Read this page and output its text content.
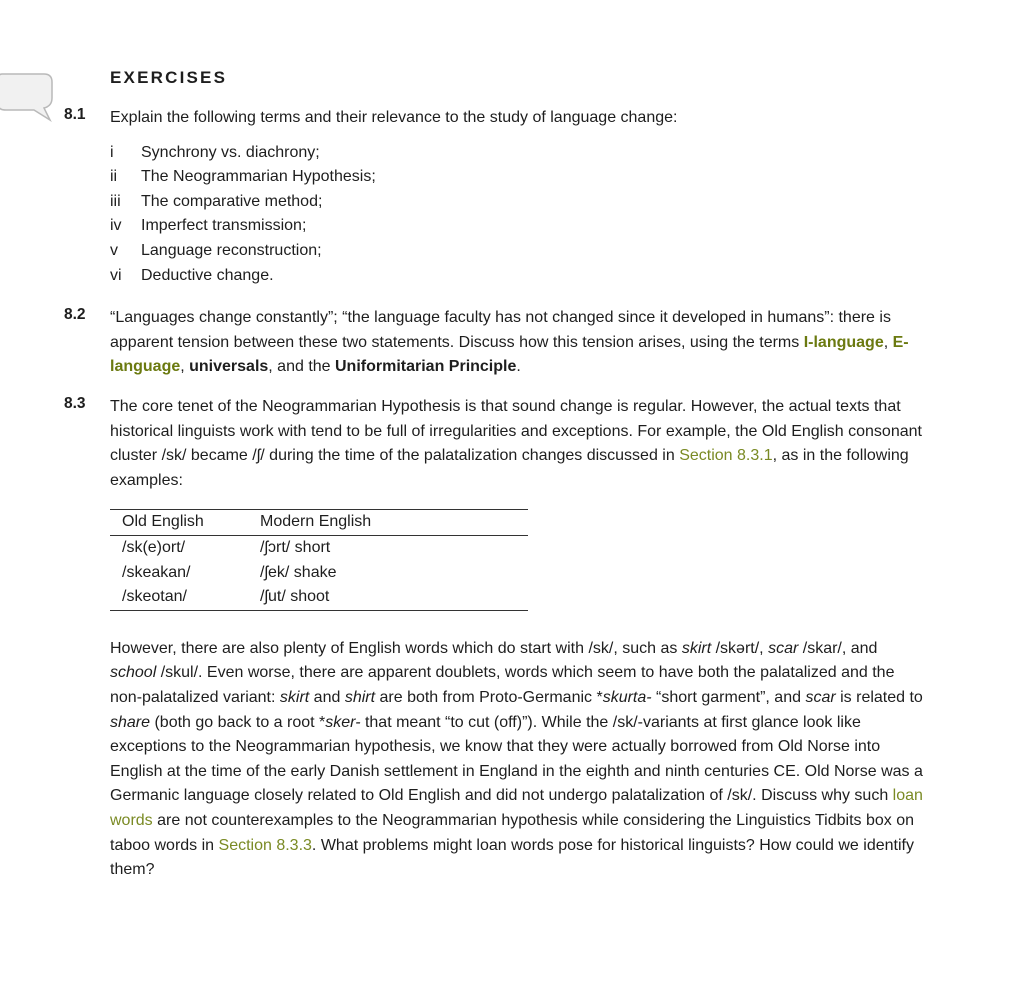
EXERCISES
8.1 Explain the following terms and their relevance to the study of language change:
i	Synchrony vs. diachrony;
ii	The Neogrammarian Hypothesis;
iii	The comparative method;
iv	Imperfect transmission;
v	Language reconstruction;
vi	Deductive change.
8.2 “Languages change constantly”; “the language faculty has not changed since it developed in humans”: there is apparent tension between these two statements. Discuss how this tension arises, using the terms I-language, E-language, universals, and the Uniformitarian Principle.
8.3 The core tenet of the Neogrammarian Hypothesis is that sound change is regular. However, the actual texts that historical linguists work with tend to be full of irregularities and exceptions. For example, the Old English consonant cluster /sk/ became /ʃ/ during the time of the palatalization changes discussed in Section 8.3.1, as in the following examples:
Old English	Modern English
/sk(e)ort/	/ʃɔrt/ short
/skeakan/	/ʃek/ shake
/skeotan/	/ʃut/ shoot
However, there are also plenty of English words which do start with /sk/, such as skirt /skərt/, scar /skar/, and school /skul/. Even worse, there are apparent doublets, words which seem to have both the palatalized and the non-palatalized variant: skirt and shirt are both from Proto-Germanic *skurta- “short garment”, and scar is related to share (both go back to a root *sker- that meant “to cut (off)”). While the /sk/-variants at first glance look like exceptions to the Neogrammarian hypothesis, we know that they were actually borrowed from Old Norse into English at the time of the early Danish settlement in England in the eighth and ninth centuries CE. Old Norse was a Germanic language closely related to Old English and did not undergo palatalization of /sk/. Discuss why such loan words are not counterexamples to the Neogrammarian hypothesis while considering the Linguistics Tidbits box on taboo words in Section 8.3.3. What problems might loan words pose for historical linguists? How could we identify them?
